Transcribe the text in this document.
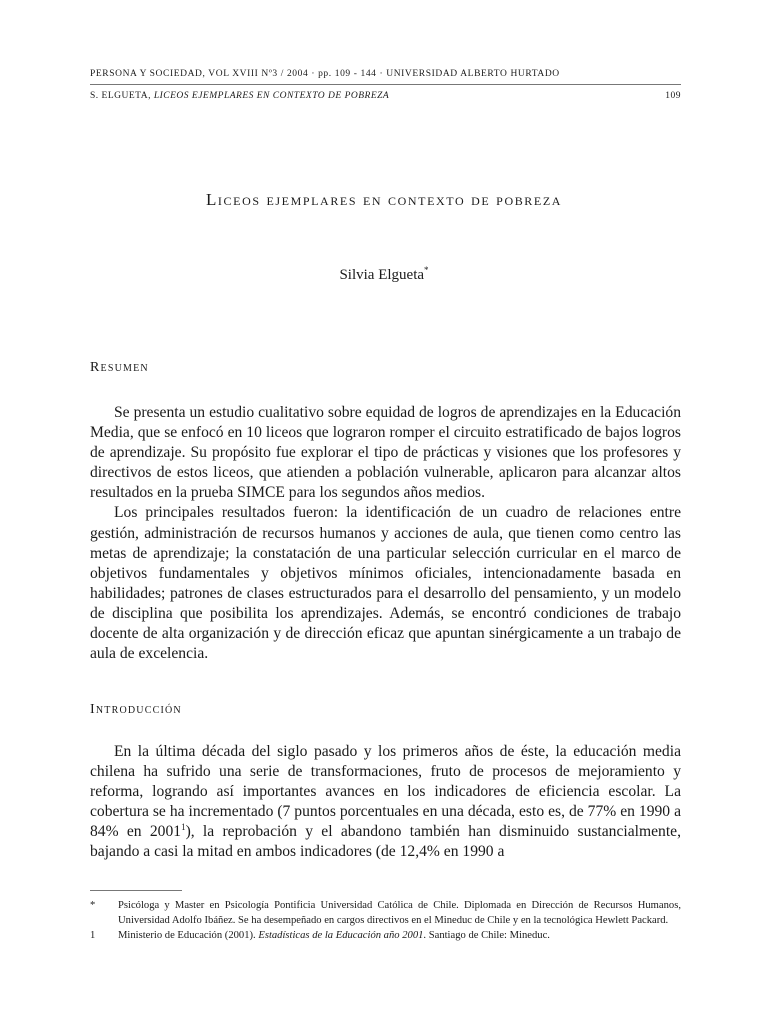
PERSONA Y SOCIEDAD, VOL XVIII Nº3 / 2004 · pp. 109 - 144 · UNIVERSIDAD ALBERTO HURTADO
S. ELGUETA, LICEOS EJEMPLARES EN CONTEXTO DE POBREZA	109
Liceos ejemplares en contexto de pobreza
Silvia Elgueta*
Resumen

Se presenta un estudio cualitativo sobre equidad de logros de aprendizajes en la Educación Media, que se enfocó en 10 liceos que lograron romper el circuito estratificado de bajos logros de aprendizaje. Su propósito fue explorar el tipo de prácticas y visiones que los profesores y directivos de estos liceos, que atienden a población vulnerable, aplicaron para alcanzar altos resultados en la prueba SIMCE para los segundos años medios.

Los principales resultados fueron: la identificación de un cuadro de relaciones entre gestión, administración de recursos humanos y acciones de aula, que tienen como centro las metas de aprendizaje; la constatación de una particular selección curricular en el marco de objetivos fundamentales y objetivos mínimos oficiales, intencionadamente basada en habilidades; patrones de clases estructurados para el desarrollo del pensamiento, y un modelo de disciplina que posibilita los aprendizajes. Además, se encontró condiciones de trabajo docente de alta organización y de dirección eficaz que apuntan sinérgicamente a un trabajo de aula de excelencia.

Introducción

En la última década del siglo pasado y los primeros años de éste, la educación media chilena ha sufrido una serie de transformaciones, fruto de procesos de mejoramiento y reforma, logrando así importantes avances en los indicadores de eficiencia escolar. La cobertura se ha incrementado (7 puntos porcentuales en una década, esto es, de 77% en 1990 a 84% en 2001$^1$), la reprobación y el abandono también han disminuido sustancialmente, bajando a casi la mitad en ambos indicadores (de 12,4% en 1990 a

* Psicóloga y Master en Psicología Pontificia Universidad Católica de Chile. Diplomada en Dirección de Recursos Humanos, Universidad Adolfo Ibáñez. Se ha desempeñado en cargos directivos en el Mineduc de Chile y en la tecnológica Hewlett Packard.
1 Ministerio de Educación (2001). Estadísticas de la Educación año 2001. Santiago de Chile: Mineduc.
